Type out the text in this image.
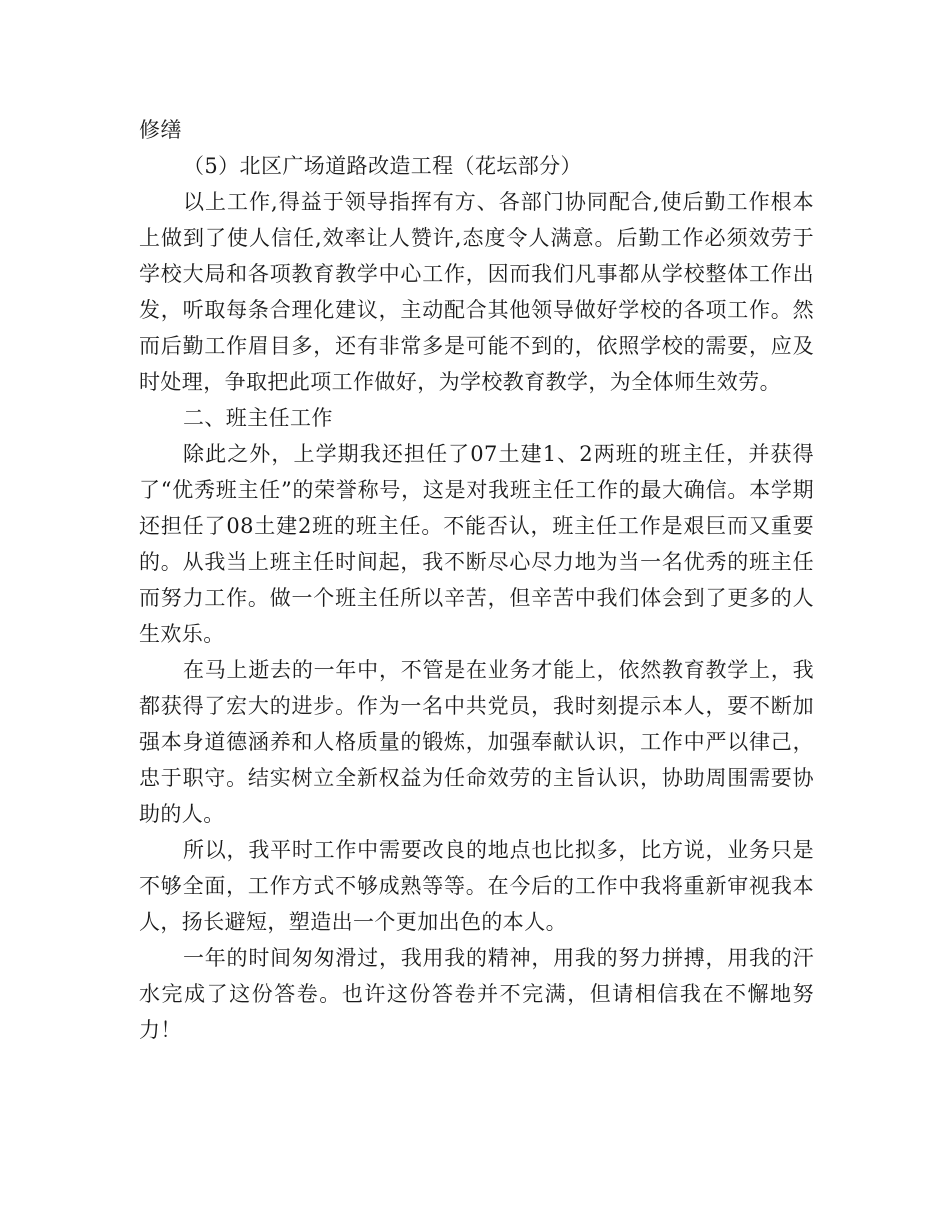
修缮

（5）北区广场道路改造工程（花坛部分）

以上工作,得益于领导指挥有方、各部门协同配合,使后勤工作根本上做到了使人信任,效率让人赞许,态度令人满意。后勤工作必须效劳于学校大局和各项教育教学中心工作，因而我们凡事都从学校整体工作出发，听取每条合理化建议，主动配合其他领导做好学校的各项工作。然而后勤工作眉目多，还有非常多是可能不到的，依照学校的需要，应及时处理，争取把此项工作做好，为学校教育教学，为全体师生效劳。

二、班主任工作

除此之外，上学期我还担任了07土建1、2两班的班主任，并获得了“优秀班主任”的荣誉称号，这是对我班主任工作的最大确信。本学期还担任了08土建2班的班主任。不能否认，班主任工作是艰巨而又重要的。从我当上班主任时间起，我不断尽心尽力地为当一名优秀的班主任而努力工作。做一个班主任所以辛苦，但辛苦中我们体会到了更多的人生欢乐。

在马上逝去的一年中，不管是在业务才能上，依然教育教学上，我都获得了宏大的进步。作为一名中共党员，我时刻提示本人，要不断加强本身道德涵养和人格质量的锻炼，加强奉献认识，工作中严以律己，忠于职守。结实树立全新权益为任命效劳的主旨认识，协助周围需要协助的人。

所以，我平时工作中需要改良的地点也比拟多，比方说，业务只是不够全面，工作方式不够成熟等等。在今后的工作中我将重新审视我本人，扬长避短，塑造出一个更加出色的本人。

一年的时间匆匆滑过，我用我的精神，用我的努力拼搏，用我的汗水完成了这份答卷。也许这份答卷并不完满，但请相信我在不懈地努力！
